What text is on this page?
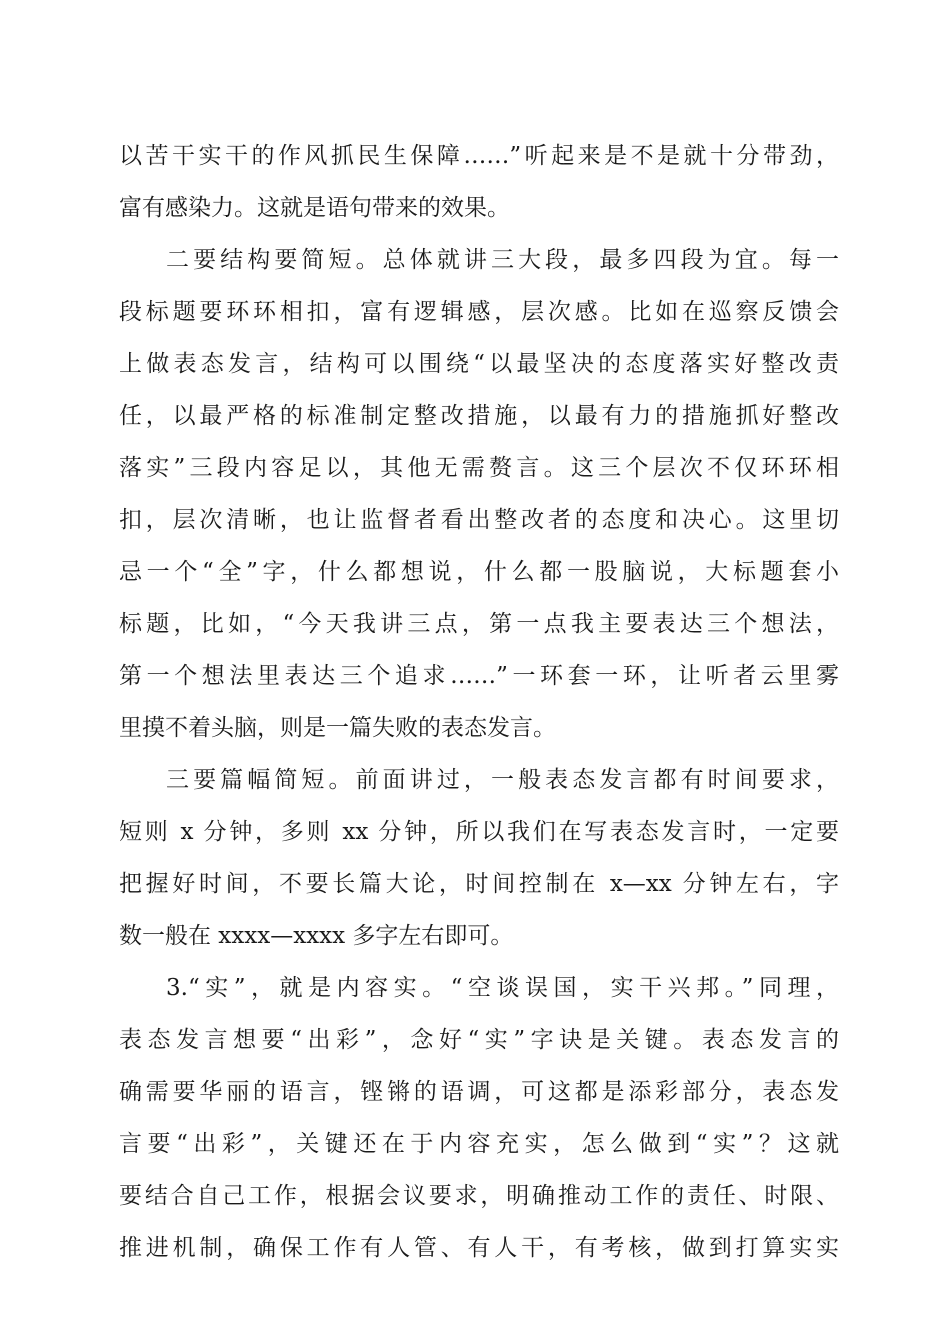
以苦干实干的作风抓民生保障……”听起来是不是就十分带劲，
富有感染力。这就是语句带来的效果。
二要结构要简短。总体就讲三大段，最多四段为宜。每一
段标题要环环相扣，富有逻辑感，层次感。比如在巡察反馈会
上做表态发言，结构可以围绕“以最坚决的态度落实好整改责
任，以最严格的标准制定整改措施，以最有力的措施抓好整改
落实”三段内容足以，其他无需赘言。这三个层次不仅环环相
扣，层次清晰，也让监督者看出整改者的态度和决心。这里切
忌一个“全”字，什么都想说，什么都一股脑说，大标题套小
标题，比如，“今天我讲三点，第一点我主要表达三个想法，
第一个想法里表达三个追求……”一环套一环，让听者云里雾
里摸不着头脑，则是一篇失败的表态发言。
三要篇幅简短。前面讲过，一般表态发言都有时间要求，
短则 x 分钟，多则 xx 分钟，所以我们在写表态发言时，一定要
把握好时间，不要长篇大论，时间控制在 x—xx 分钟左右，字
数一般在 xxxx—xxxx 多字左右即可。
3.“实”，就是内容实。“空谈误国，实干兴邦。”同理，
表态发言想要“出彩”，念好“实”字诀是关键。表态发言的
确需要华丽的语言，铿锵的语调，可这都是添彩部分，表态发
言要“出彩”，关键还在于内容充实，怎么做到“实”？这就
要结合自己工作，根据会议要求，明确推动工作的责任、时限、
推进机制，确保工作有人管、有人干，有考核，做到打算实实
